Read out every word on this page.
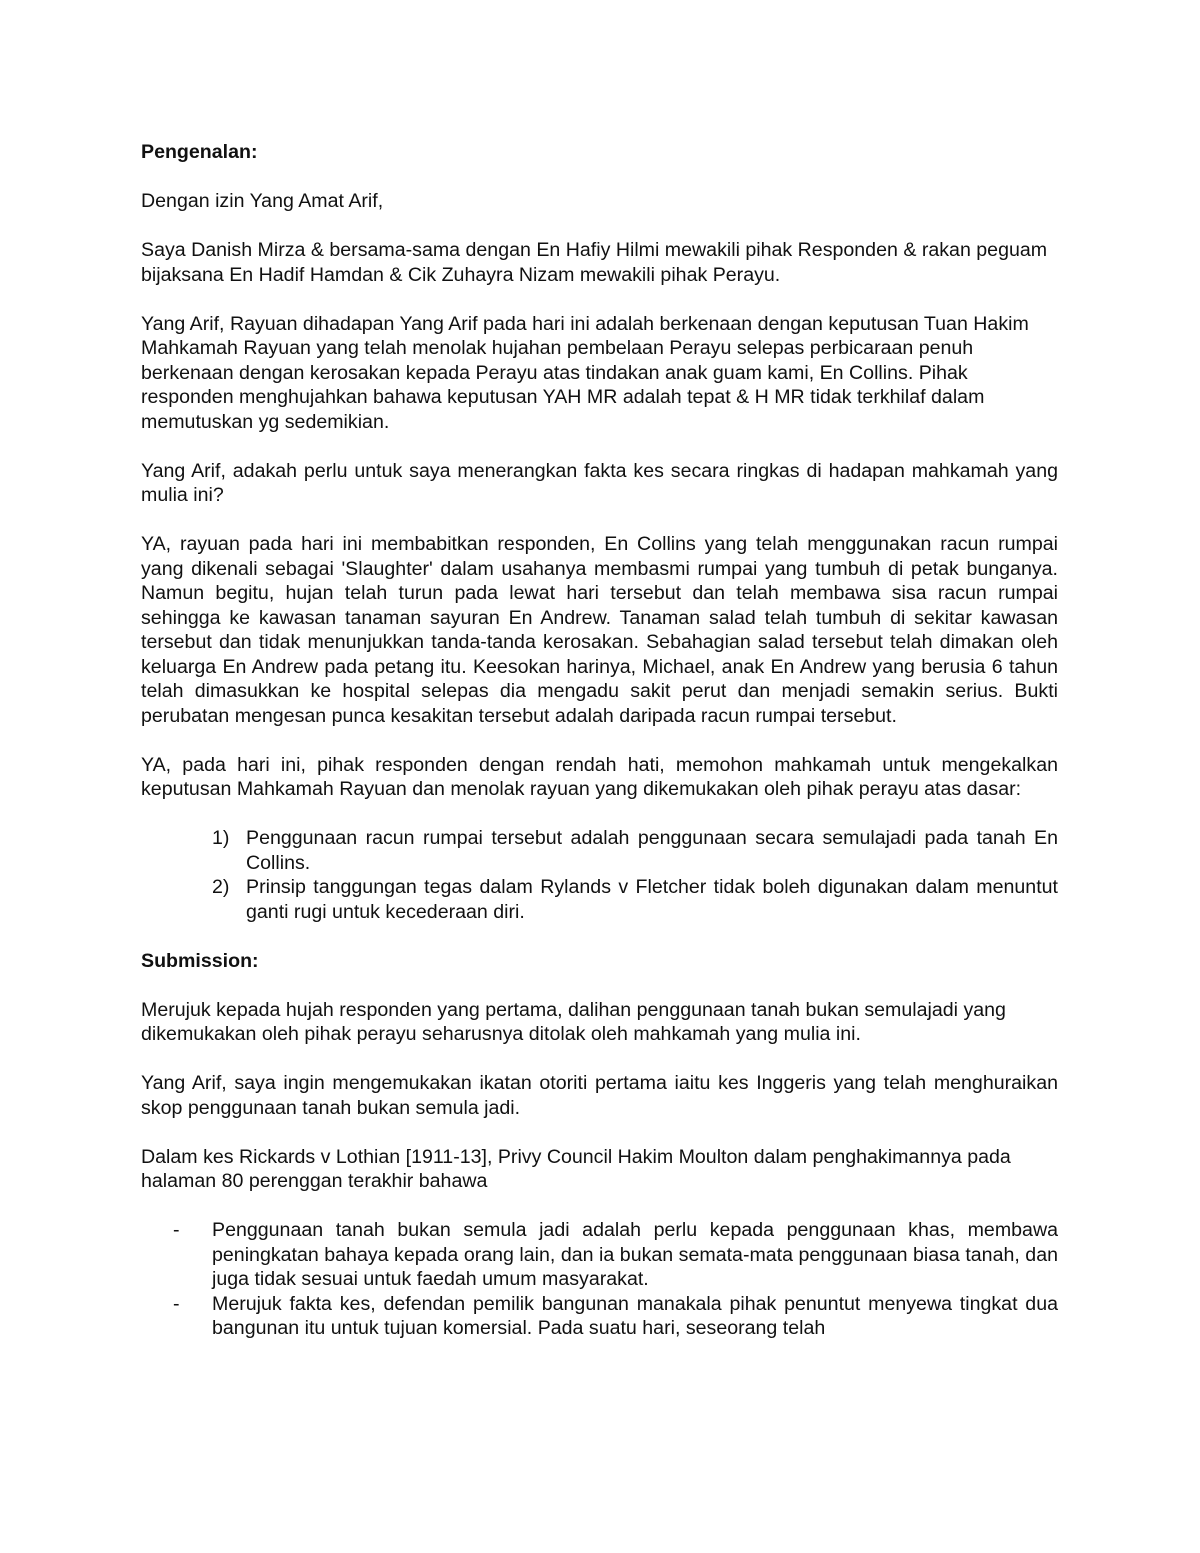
Pengenalan:
Dengan izin Yang Amat Arif,
Saya Danish Mirza & bersama-sama dengan En Hafiy Hilmi mewakili pihak Responden & rakan peguam bijaksana En Hadif Hamdan & Cik Zuhayra Nizam mewakili pihak Perayu.
Yang Arif, Rayuan dihadapan Yang Arif pada hari ini adalah berkenaan dengan keputusan Tuan Hakim Mahkamah Rayuan yang telah menolak hujahan pembelaan Perayu selepas perbicaraan penuh berkenaan dengan kerosakan kepada Perayu atas tindakan anak guam kami, En Collins. Pihak responden menghujahkan bahawa keputusan YAH MR adalah tepat & H MR tidak terkhilaf dalam memutuskan yg sedemikian.
Yang Arif, adakah perlu untuk saya menerangkan fakta kes secara ringkas di hadapan mahkamah yang mulia ini?
YA, rayuan pada hari ini membabitkan responden, En Collins yang telah menggunakan racun rumpai yang dikenali sebagai 'Slaughter' dalam usahanya membasmi rumpai yang tumbuh di petak bunganya. Namun begitu, hujan telah turun pada lewat hari tersebut dan telah membawa sisa racun rumpai sehingga ke kawasan tanaman sayuran En Andrew. Tanaman salad telah tumbuh di sekitar kawasan tersebut dan tidak menunjukkan tanda-tanda kerosakan. Sebahagian salad tersebut telah dimakan oleh keluarga En Andrew pada petang itu. Keesokan harinya, Michael, anak En Andrew yang berusia 6 tahun telah dimasukkan ke hospital selepas dia mengadu sakit perut dan menjadi semakin serius. Bukti perubatan mengesan punca kesakitan tersebut adalah daripada racun rumpai tersebut.
YA, pada hari ini, pihak responden dengan rendah hati, memohon mahkamah untuk mengekalkan keputusan Mahkamah Rayuan dan menolak rayuan yang dikemukakan oleh pihak perayu atas dasar:
1) Penggunaan racun rumpai tersebut adalah penggunaan secara semulajadi pada tanah En Collins.
2) Prinsip tanggungan tegas dalam Rylands v Fletcher tidak boleh digunakan dalam menuntut ganti rugi untuk kecederaan diri.
Submission:
Merujuk kepada hujah responden yang pertama, dalihan penggunaan tanah bukan semulajadi yang dikemukakan oleh pihak perayu seharusnya ditolak oleh mahkamah yang mulia ini.
Yang Arif, saya ingin mengemukakan ikatan otoriti pertama iaitu kes Inggeris yang telah menghuraikan skop penggunaan tanah bukan semula jadi.
Dalam kes Rickards v Lothian [1911-13], Privy Council Hakim Moulton dalam penghakimannya pada halaman 80 perenggan terakhir bahawa
- Penggunaan tanah bukan semula jadi adalah perlu kepada penggunaan khas, membawa peningkatan bahaya kepada orang lain, dan ia bukan semata-mata penggunaan biasa tanah, dan juga tidak sesuai untuk faedah umum masyarakat.
- Merujuk fakta kes, defendan pemilik bangunan manakala pihak penuntut menyewa tingkat dua bangunan itu untuk tujuan komersial. Pada suatu hari, seseorang telah
